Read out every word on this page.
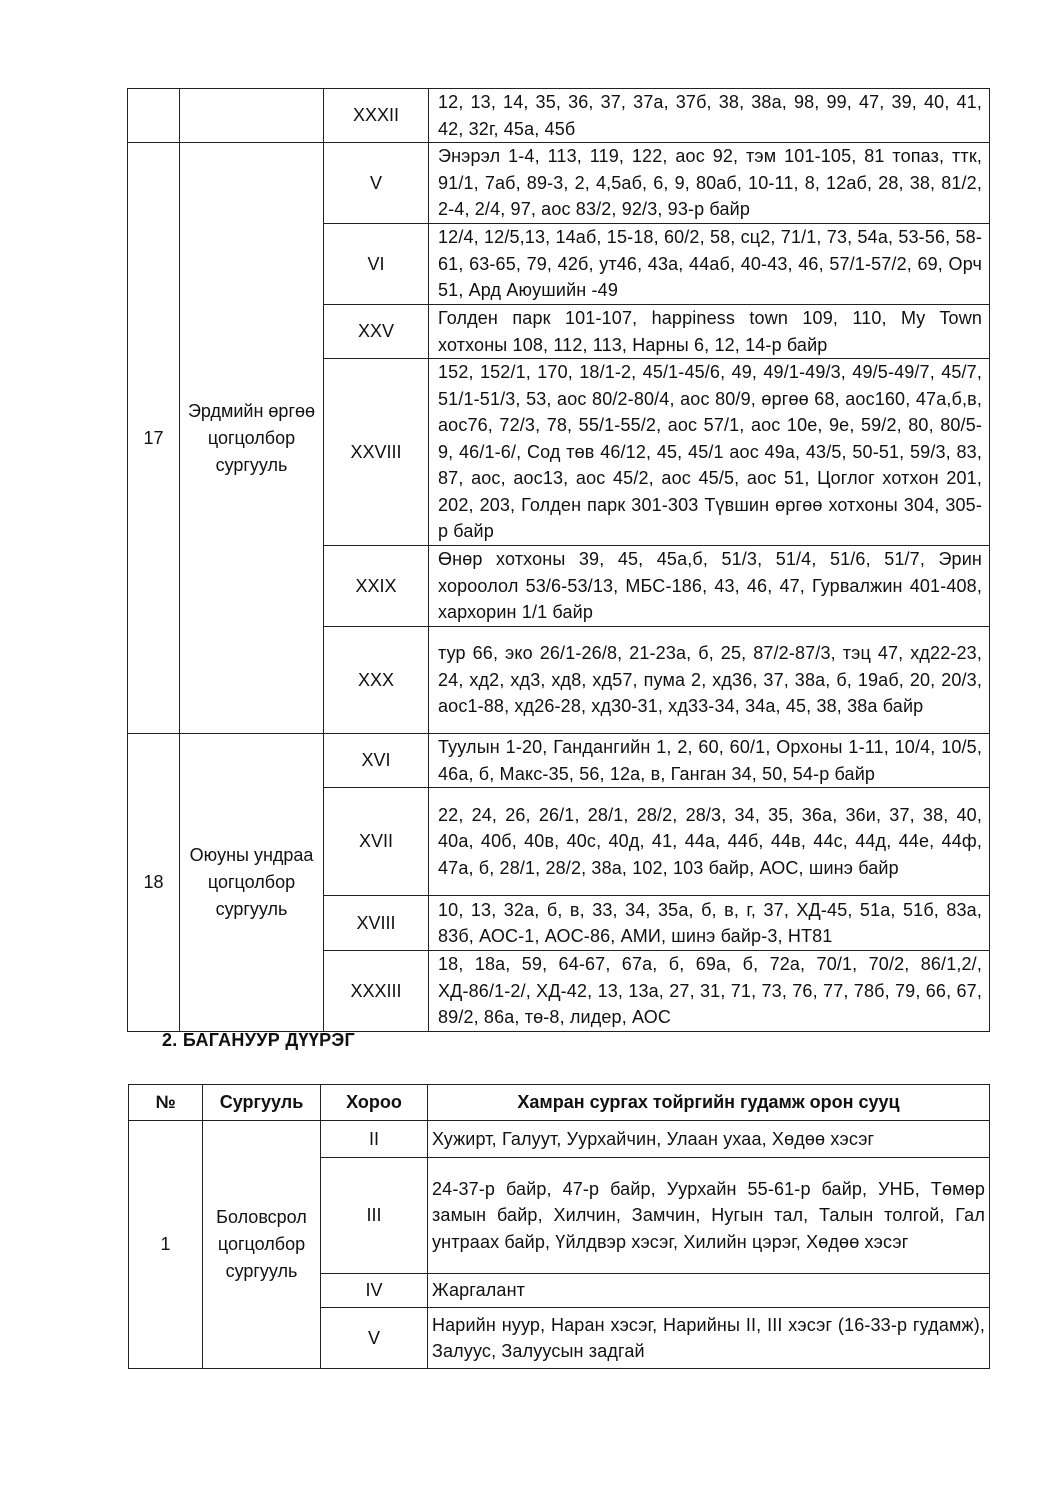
		XXXII	12, 13, 14, 35, 36, 37, 37а, 37б, 38, 38а, 98, 99, 47, 39, 40, 41, 42, 32г, 45а, 45б
17	Эрдмийн өргөө цогцолбор сургууль	V	Энэрэл 1-4, 113, 119, 122, аос 92, тэм 101-105, 81 топаз, ттк, 91/1, 7аб, 89-3, 2, 4,5аб, 6, 9, 80аб, 10-11, 8, 12аб, 28, 38, 81/2, 2-4, 2/4, 97, аос 83/2, 92/3, 93-р байр
		VI	12/4, 12/5,13, 14аб, 15-18, 60/2, 58, сц2, 71/1, 73, 54а, 53-56, 58-61, 63-65, 79, 42б, ут46, 43а, 44аб, 40-43, 46, 57/1-57/2, 69, Орч 51, Ард Аюушийн -49
		XXV	Голден парк 101-107, happiness town 109, 110, My Town хотхоны 108, 112, 113, Нарны 6, 12, 14-р байр
		XXVIII	152, 152/1, 170, 18/1-2, 45/1-45/6, 49, 49/1-49/3, 49/5-49/7, 45/7, 51/1-51/3, 53, аос 80/2-80/4, аос 80/9, өргөө 68, аос160, 47а,б,в, аос76, 72/3, 78, 55/1-55/2, аос 57/1, аос 10е, 9е, 59/2, 80, 80/5-9, 46/1-6/, Сод төв 46/12, 45, 45/1 аос 49а, 43/5, 50-51, 59/3, 83, 87, аос, аос13, аос 45/2, аос 45/5, аос 51, Цоглог хотхон 201, 202, 203, Голден парк 301-303 Түвшин өргөө хотхоны 304, 305-р байр
		XXIX	Өнөр хотхоны 39, 45, 45а,б, 51/3, 51/4, 51/6, 51/7, Эрин хороолол 53/6-53/13, МБС-186, 43, 46, 47, Гурвалжин 401-408, хархорин 1/1 байр
		XXX	тур 66, эко 26/1-26/8, 21-23а, б, 25, 87/2-87/3, тэц 47, хд22-23, 24, хд2, хд3, хд8, хд57, пума 2, хд36, 37, 38а, б, 19аб, 20, 20/3, аос1-88, хд26-28, хд30-31, хд33-34, 34а, 45, 38, 38а байр
18	Оюуны ундраа цогцолбор сургууль	XVI	Туулын 1-20, Гандангийн 1, 2, 60, 60/1, Орхоны 1-11, 10/4, 10/5, 46а, б, Макс-35, 56, 12а, в, Ганган 34, 50, 54-р байр
		XVII	22, 24, 26, 26/1, 28/1, 28/2, 28/3, 34, 35, 36а, 36и, 37, 38, 40, 40а, 40б, 40в, 40с, 40д, 41, 44а, 44б, 44в, 44с, 44д, 44е, 44ф, 47а, б, 28/1, 28/2, 38а, 102, 103 байр, АОС, шинэ байр
		XVIII	10, 13, 32а, б, в, 33, 34, 35а, б, в, г, 37, ХД-45, 51а, 51б, 83а, 83б, АОС-1, АОС-86, АМИ, шинэ байр-3, НТ81
		XXXIII	18, 18а, 59, 64-67, 67а, б, 69а, б, 72а, 70/1, 70/2, 86/1,2/, ХД-86/1-2/, ХД-42, 13, 13а, 27, 31, 71, 73, 76, 77, 78б, 79, 66, 67, 89/2, 86а, тө-8, лидер, АОС
2. БАГАНУУР ДҮҮРЭГ
№	Сургууль	Хороо	Хамран сургах тойргийн гудамж орон сууц
1	Боловсрол цогцолбор сургууль	II	Хужирт, Галуут, Уурхайчин, Улаан ухаа, Хөдөө хэсэг
		III	24-37-р байр, 47-р байр, Уурхайн 55-61-р байр, УНБ, Төмөр замын байр, Хилчин, Замчин, Нугын тал, Талын толгой, Гал унтраах байр, Үйлдвэр хэсэг, Хилийн цэрэг, Хөдөө хэсэг
		IV	Жаргалант
		V	Нарийн нуур, Наран хэсэг, Нарийны II, III хэсэг (16-33-р гудамж), Залуус, Залуусын задгай
